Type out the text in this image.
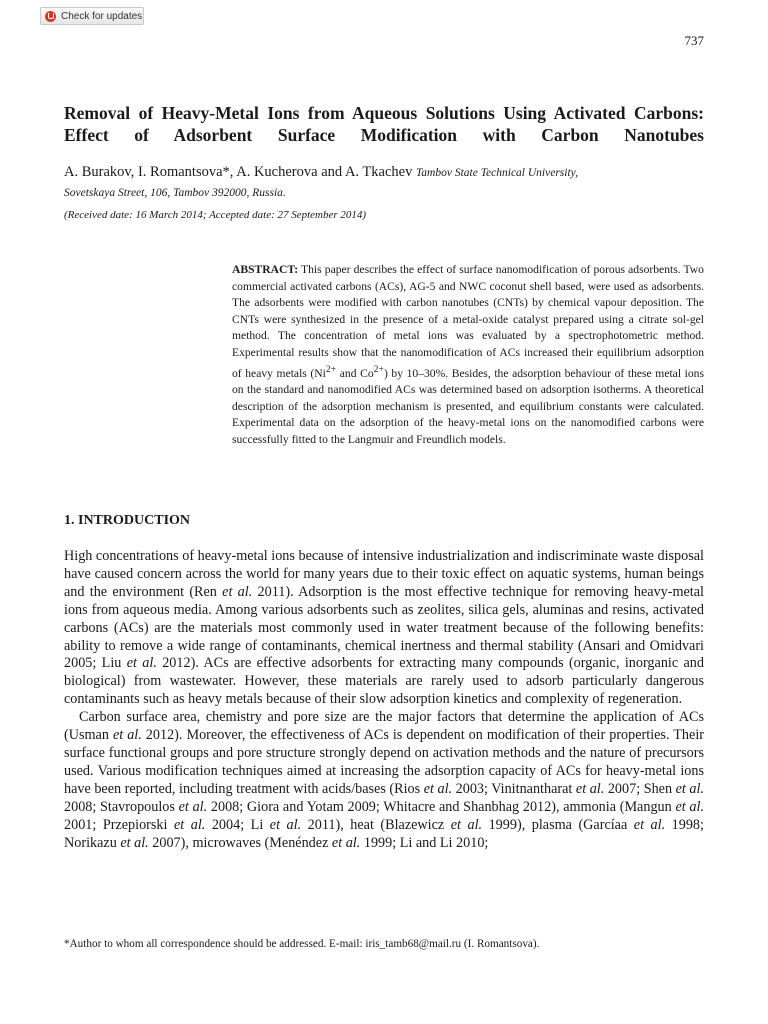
Check for updates
737
Removal of Heavy-Metal Ions from Aqueous Solutions Using Activated Carbons: Effect of Adsorbent Surface Modification with Carbon Nanotubes

A. Burakov, I. Romantsova*, A. Kucherova and A. Tkachev Tambov State Technical University,
Sovetskaya Street, 106, Tambov 392000, Russia.

(Received date: 16 March 2014; Accepted date: 27 September 2014)

ABSTRACT: This paper describes the effect of surface nanomodification of porous adsorbents. Two commercial activated carbons (ACs), AG-5 and NWC coconut shell based, were used as adsorbents. The adsorbents were modified with carbon nanotubes (CNTs) by chemical vapour deposition. The CNTs were synthesized in the presence of a metal-oxide catalyst prepared using a citrate sol-gel method. The concentration of metal ions was evaluated by a spectrophotometric method. Experimental results show that the nanomodification of ACs increased their equilibrium adsorption of heavy metals ($Ni^{2+}$ and $Co^{2+}$) by 10–30%. Besides, the adsorption behaviour of these metal ions on the standard and nanomodified ACs was determined based on adsorption isotherms. A theoretical description of the adsorption mechanism is presented, and equilibrium constants were calculated. Experimental data on the adsorption of the heavy-metal ions on the nanomodified carbons were successfully fitted to the Langmuir and Freundlich models.

1. INTRODUCTION

High concentrations of heavy-metal ions because of intensive industrialization and indiscriminate waste disposal have caused concern across the world for many years due to their toxic effect on aquatic systems, human beings and the environment (Ren et al. 2011). Adsorption is the most effective technique for removing heavy-metal ions from aqueous media. Among various adsorbents such as zeolites, silica gels, aluminas and resins, activated carbons (ACs) are the materials most commonly used in water treatment because of the following benefits: ability to remove a wide range of contaminants, chemical inertness and thermal stability (Ansari and Omidvari 2005; Liu et al. 2012). ACs are effective adsorbents for extracting many compounds (organic, inorganic and biological) from wastewater. However, these materials are rarely used to adsorb particularly dangerous contaminants such as heavy metals because of their slow adsorption kinetics and complexity of regeneration.

Carbon surface area, chemistry and pore size are the major factors that determine the application of ACs (Usman et al. 2012). Moreover, the effectiveness of ACs is dependent on modification of their properties. Their surface functional groups and pore structure strongly depend on activation methods and the nature of precursors used. Various modification techniques aimed at increasing the adsorption capacity of ACs for heavy-metal ions have been reported, including treatment with acids/bases (Rios et al. 2003; Vinitnantharat et al. 2007; Shen et al. 2008; Stavropoulos et al. 2008; Giora and Yotam 2009; Whitacre and Shanbhag 2012), ammonia (Mangun et al. 2001; Przepiorski et al. 2004; Li et al. 2011), heat (Blazewicz et al. 1999), plasma (Garcíaa et al. 1998; Norikazu et al. 2007), microwaves (Menéndez et al. 1999; Li and Li 2010;

*Author to whom all correspondence should be addressed. E-mail: iris_tamb68@mail.ru (I. Romantsova).
